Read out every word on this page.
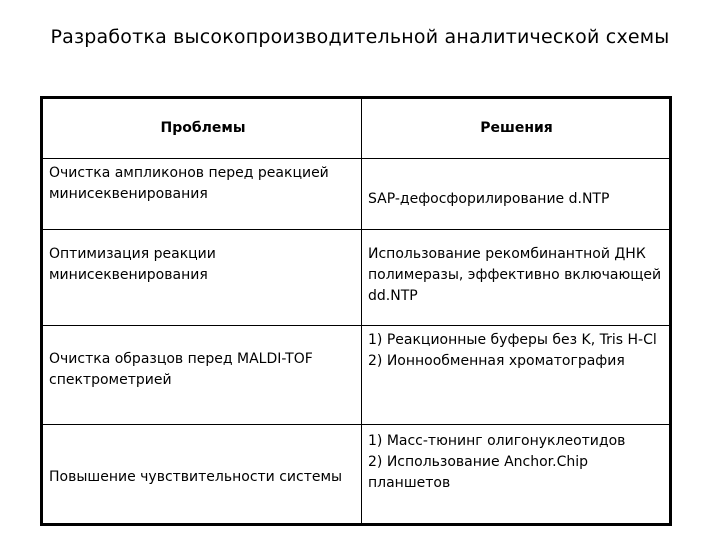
Разработка высокопроизводительной аналитической схемы
Проблемы	Решения
Очистка ампликонов перед реакцией минисеквенирования	SAP-дефосфорилирование d.NTP
Оптимизация реакции минисеквенирования
Использование рекомбинантной ДНК полимеразы, эффективно включающей dd.NTP
Очистка образцов перед MALDI-TOF спектрометрией
1) Реакционные буферы без K, Tris H-Cl
2) Ионнообменная хроматография
Повышение чувствительности системы
1) Масс-тюнинг олигонуклеотидов
2) Использование Anchor.Chip планшетов
